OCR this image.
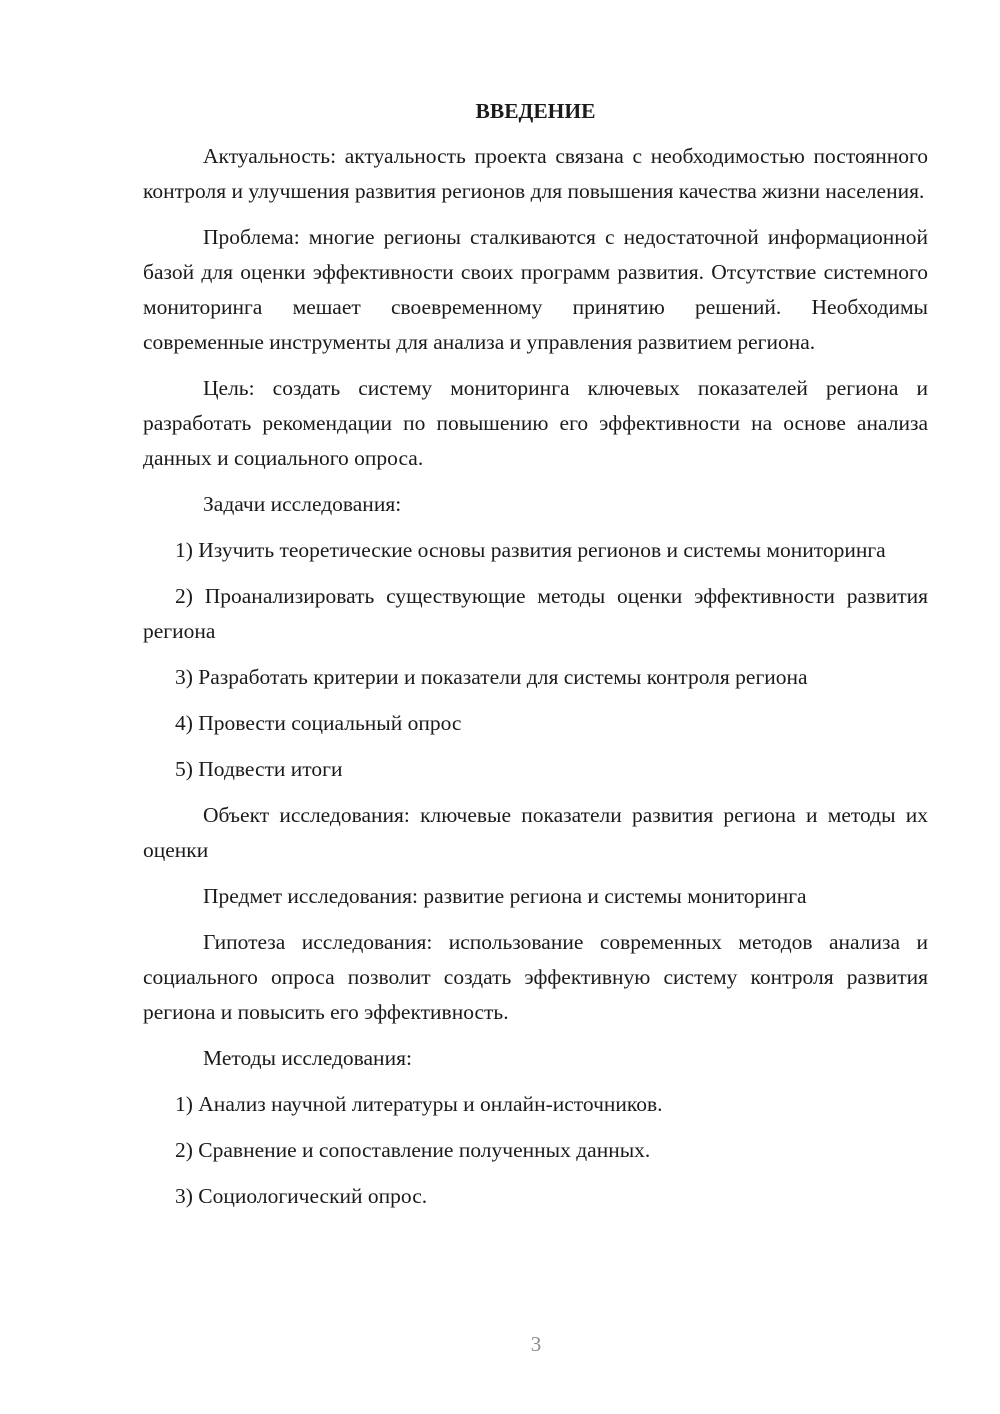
ВВЕДЕНИЕ

Актуальность: актуальность проекта связана с необходимостью постоянного контроля и улучшения развития регионов для повышения качества жизни населения.

Проблема: многие регионы сталкиваются с недостаточной информационной базой для оценки эффективности своих программ развития. Отсутствие системного мониторинга мешает своевременному принятию решений. Необходимы современные инструменты для анализа и управления развитием региона.

Цель: создать систему мониторинга ключевых показателей региона и разработать рекомендации по повышению его эффективности на основе анализа данных и социального опроса.

Задачи исследования:

1) Изучить теоретические основы развития регионов и системы мониторинга

2) Проанализировать существующие методы оценки эффективности развития региона

3) Разработать критерии и показатели для системы контроля региона

4) Провести социальный опрос

5) Подвести итоги

Объект исследования: ключевые показатели развития региона и методы их оценки

Предмет исследования: развитие региона и системы мониторинга

Гипотеза исследования: использование современных методов анализа и социального опроса позволит создать эффективную систему контроля развития региона и повысить его эффективность.

Методы исследования:

1) Анализ научной литературы и онлайн-источников.

2) Сравнение и сопоставление полученных данных.

3) Социологический опрос.

3
